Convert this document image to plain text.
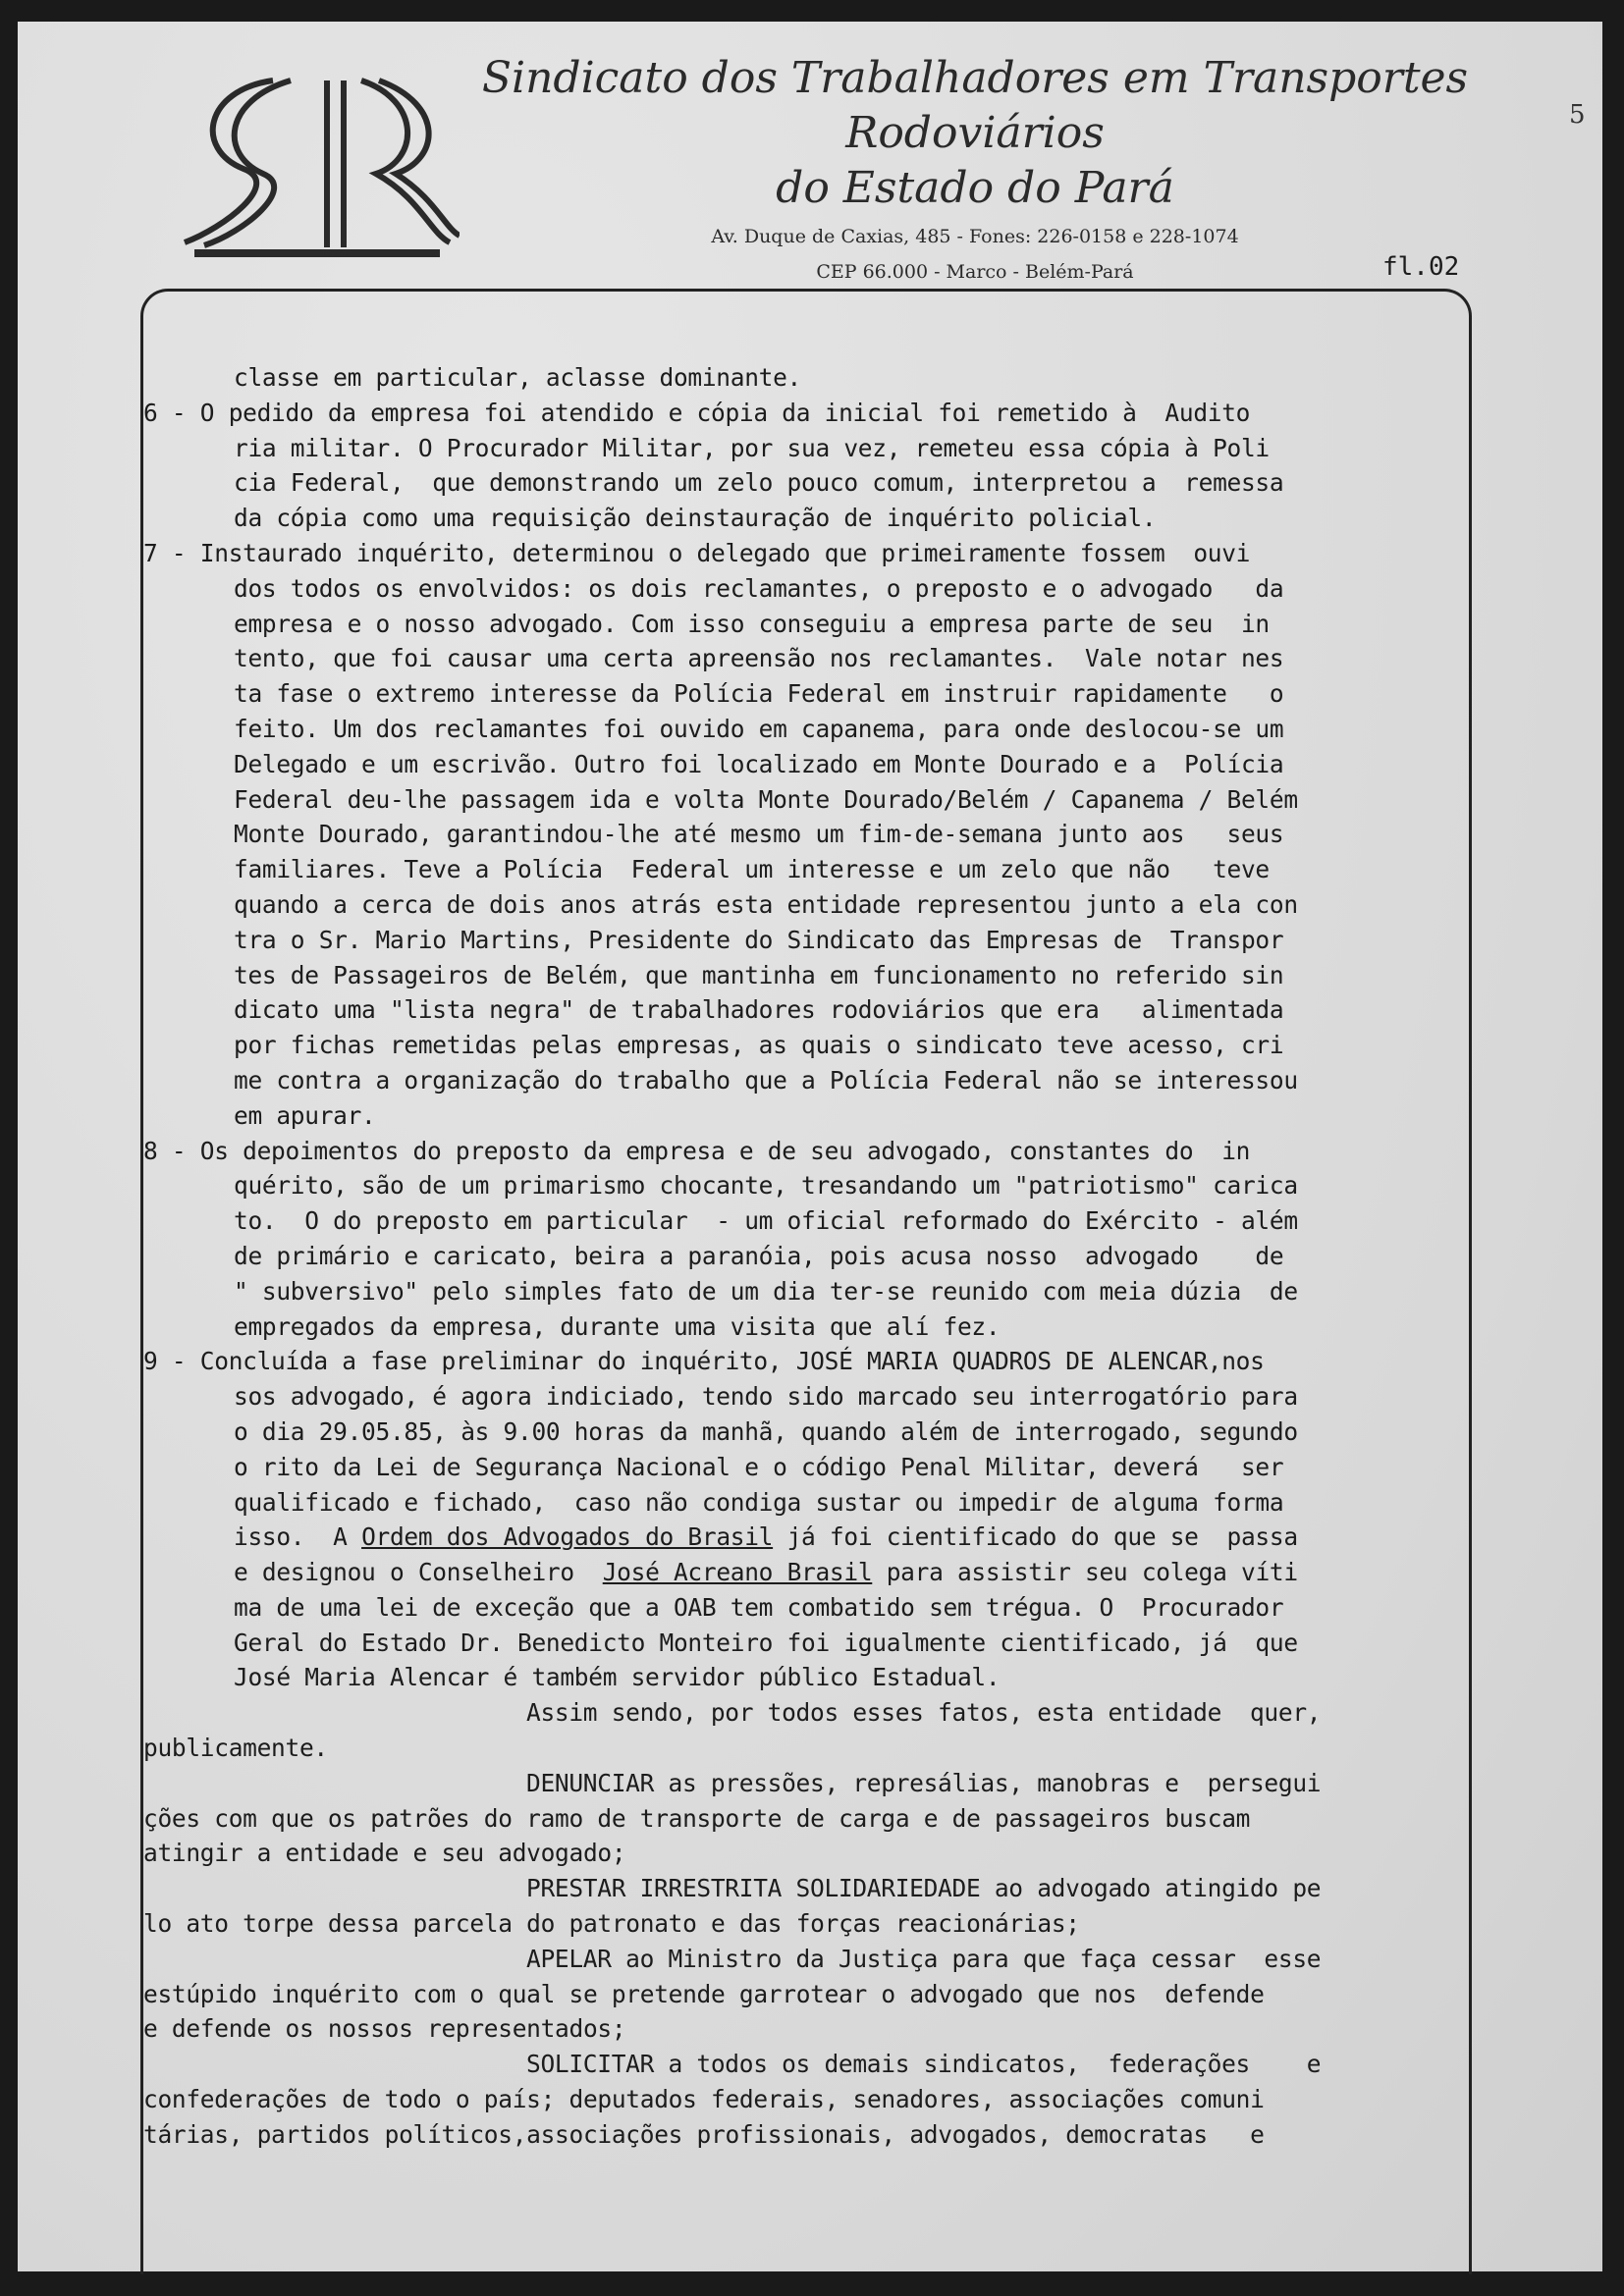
Sindicato dos Trabalhadores em Transportes Rodoviários
do Estado do Pará
Av. Duque de Caxias, 485 - Fones: 226-0158 e 228-1074
CEP 66.000 - Marco - Belém-Pará
5
fl.02
classe em particular, aclasse dominante.
6 - O pedido da empresa foi atendido e cópia da inicial foi remetido à  Audito
ria militar. O Procurador Militar, por sua vez, remeteu essa cópia à Poli
cia Federal,  que demonstrando um zelo pouco comum, interpretou a  remessa
da cópia como uma requisição deinstauração de inquérito policial.
7 - Instaurado inquérito, determinou o delegado que primeiramente fossem  ouvi
dos todos os envolvidos: os dois reclamantes, o preposto e o advogado   da
empresa e o nosso advogado. Com isso conseguiu a empresa parte de seu  in
tento, que foi causar uma certa apreensão nos reclamantes.  Vale notar nes
ta fase o extremo interesse da Polícia Federal em instruir rapidamente   o
feito. Um dos reclamantes foi ouvido em capanema, para onde deslocou-se um
Delegado e um escrivão. Outro foi localizado em Monte Dourado e a  Polícia
Federal deu-lhe passagem ida e volta Monte Dourado/Belém / Capanema / Belém
Monte Dourado, garantindou-lhe até mesmo um fim-de-semana junto aos   seus
familiares. Teve a Polícia  Federal um interesse e um zelo que não   teve
quando a cerca de dois anos atrás esta entidade representou junto a ela con
tra o Sr. Mario Martins, Presidente do Sindicato das Empresas de  Transpor
tes de Passageiros de Belém, que mantinha em funcionamento no referido sin
dicato uma "lista negra" de trabalhadores rodoviários que era   alimentada
por fichas remetidas pelas empresas, as quais o sindicato teve acesso, cri
me contra a organização do trabalho que a Polícia Federal não se interessou
em apurar.
8 - Os depoimentos do preposto da empresa e de seu advogado, constantes do  in
quérito, são de um primarismo chocante, tresandando um "patriotismo" carica
to.  O do preposto em particular  - um oficial reformado do Exército - além
de primário e caricato, beira a paranóia, pois acusa nosso  advogado    de
" subversivo" pelo simples fato de um dia ter-se reunido com meia dúzia  de
empregados da empresa, durante uma visita que alí fez.
9 - Concluída a fase preliminar do inquérito, JOSÉ MARIA QUADROS DE ALENCAR,nos
sos advogado, é agora indiciado, tendo sido marcado seu interrogatório para
o dia 29.05.85, às 9.00 horas da manhã, quando além de interrogado, segundo
o rito da Lei de Segurança Nacional e o código Penal Militar, deverá   ser
qualificado e fichado,  caso não condiga sustar ou impedir de alguma forma
isso.  A Ordem dos Advogados do Brasil já foi cientificado do que se  passa
e designou o Conselheiro  José Acreano Brasil para assistir seu colega víti
ma de uma lei de exceção que a OAB tem combatido sem trégua. O  Procurador
Geral do Estado Dr. Benedicto Monteiro foi igualmente cientificado, já  que
José Maria Alencar é também servidor público Estadual.
Assim sendo, por todos esses fatos, esta entidade  quer,
publicamente.
DENUNCIAR as pressões, represálias, manobras e  persegui
ções com que os patrões do ramo de transporte de carga e de passageiros buscam
atingir a entidade e seu advogado;
PRESTAR IRRESTRITA SOLIDARIEDADE ao advogado atingido pe
lo ato torpe dessa parcela do patronato e das forças reacionárias;
APELAR ao Ministro da Justiça para que faça cessar  esse
estúpido inquérito com o qual se pretende garrotear o advogado que nos  defende
e defende os nossos representados;
SOLICITAR a todos os demais sindicatos,  federações    e
confederações de todo o país; deputados federais, senadores, associações comuni
tárias, partidos políticos,associações profissionais, advogados, democratas   e
